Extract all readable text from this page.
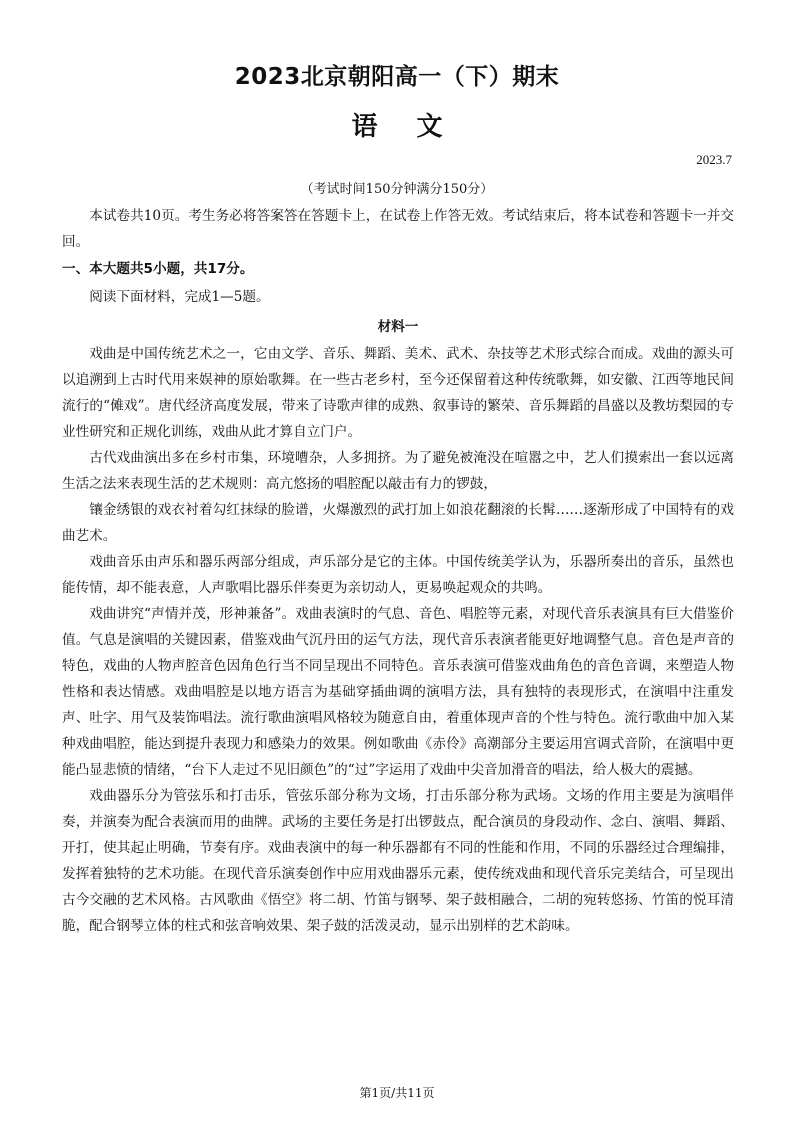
2023北京朝阳高一（下）期末
语 文
2023.7
（考试时间150分钟满分150分）

本试卷共10页。考生务必将答案答在答题卡上，在试卷上作答无效。考试结束后，将本试卷和答题卡一并交回。

一、本大题共5小题，共17分。

阅读下面材料，完成1—5题。

材料一

戏曲是中国传统艺术之一，它由文学、音乐、舞蹈、美术、武术、杂技等艺术形式综合而成。戏曲的源头可以追溯到上古时代用来娱神的原始歌舞。在一些古老乡村，至今还保留着这种传统歌舞，如安徽、江西等地民间流行的“傩戏”。唐代经济高度发展，带来了诗歌声律的成熟、叙事诗的繁荣、音乐舞蹈的昌盛以及教坊梨园的专业性研究和正规化训练，戏曲从此才算自立门户。

古代戏曲演出多在乡村市集，环境嘈杂，人多拥挤。为了避免被淹没在喧嚣之中，艺人们摸索出一套以远离生活之法来表现生活的艺术规则：高亢悠扬的唱腔配以敲击有力的锣鼓，

镶金绣银的戏衣衬着勾红抹绿的脸谱，火爆激烈的武打加上如浪花翻滚的长髯……逐渐形成了中国特有的戏曲艺术。

戏曲音乐由声乐和器乐两部分组成，声乐部分是它的主体。中国传统美学认为，乐器所奏出的音乐，虽然也能传情，却不能表意，人声歌唱比器乐伴奏更为亲切动人，更易唤起观众的共鸣。

戏曲讲究“声情并茂，形神兼备”。戏曲表演时的气息、音色、唱腔等元素，对现代音乐表演具有巨大借鉴价值。气息是演唱的关键因素，借鉴戏曲气沉丹田的运气方法，现代音乐表演者能更好地调整气息。音色是声音的特色，戏曲的人物声腔音色因角色行当不同呈现出不同特色。音乐表演可借鉴戏曲角色的音色音调，来塑造人物性格和表达情感。戏曲唱腔是以地方语言为基础穿插曲调的演唱方法，具有独特的表现形式，在演唱中注重发声、吐字、用气及装饰唱法。流行歌曲演唱风格较为随意自由，着重体现声音的个性与特色。流行歌曲中加入某种戏曲唱腔，能达到提升表现力和感染力的效果。例如歌曲《赤伶》高潮部分主要运用宫调式音阶，在演唱中更能凸显悲愤的情绪，“台下人走过不见旧颜色”的“过”字运用了戏曲中尖音加滑音的唱法，给人极大的震撼。

戏曲器乐分为管弦乐和打击乐，管弦乐部分称为文场，打击乐部分称为武场。文场的作用主要是为演唱伴奏，并演奏为配合表演而用的曲牌。武场的主要任务是打出锣鼓点，配合演员的身段动作、念白、演唱、舞蹈、开打，使其起止明确，节奏有序。戏曲表演中的每一种乐器都有不同的性能和作用，不同的乐器经过合理编排，发挥着独特的艺术功能。在现代音乐演奏创作中应用戏曲器乐元素，使传统戏曲和现代音乐完美结合，可呈现出古今交融的艺术风格。古风歌曲《悟空》将二胡、竹笛与钢琴、架子鼓相融合，二胡的宛转悠扬、竹笛的悦耳清脆，配合钢琴立体的柱式和弦音响效果、架子鼓的活泼灵动，显示出别样的艺术韵味。

第1页/共11页
